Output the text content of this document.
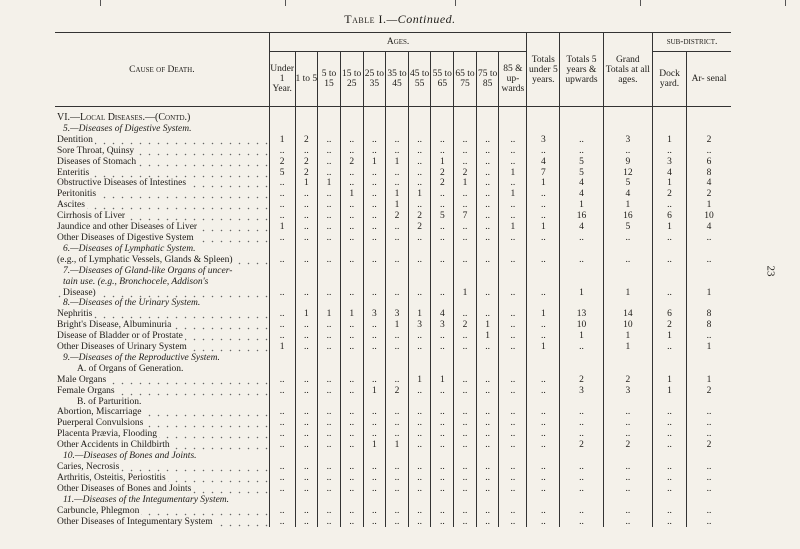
Table I.—Continued.
23
Cause of Death.	Ages.											Totals under 5 years.	Totals 5 years & upwards	Grand Totals at all ages.	sub-district.	
	Under 1 Year.	1 to 5	5 to 15	15 to 25	25 to 35	35 to 45	45 to 55	55 to 65	65 to 75	75 to 85	85 & up- wards				Dock yard.	Ar- senal

VI.—Local Diseases.—(Contd.)																
5.—Diseases of Digestive System.																
Dentition	1	2	..	..	..	..	..	..	..	..	..	3	..	3	1	2
Sore Throat, Quinsy	..	..	..	..	..	..	..	..	..	..	..	..	..	..	..	..
Diseases of Stomach	2	2	..	2	1	1	..	1	..	..	..	4	5	9	3	6
Enteritis	5	2	..	..	..	..	..	2	2	..	1	7	5	12	4	8
Obstructive Diseases of Intestines	..	1	1	..	..	..	..	2	1	..	..	1	4	5	1	4
Peritonitis	..	..	..	1	..	1	1	..	..	..	1	..	4	4	2	2
Ascites	..	..	..	..	..	1	..	..	..	..	..	..	1	1	..	1
Cirrhosis of Liver	..	..	..	..	..	2	2	5	7	..	..	..	16	16	6	10
Jaundice and other Diseases of Liver	1	..	..	..	..	..	2	..	..	..	1	1	4	5	1	4
Other Diseases of Digestive System	..	..	..	..	..	..	..	..	..	..	..	..	..	..	..	..
6.—Diseases of Lymphatic System.																
(e.g., of Lymphatic Vessels, Glands & Spleen)	..	..	..	..	..	..	..	..	..	..	..	..	..	..	..	..
7.—Diseases of Gland-like Organs of uncer-																
tain use. (e.g., Bronchocele, Addison's																
Disease)	..	..	..	..	..	..	..	..	1	..	..	..	1	1	..	1
8.—Diseases of the Urinary System.																
Nephritis	..	1	1	1	3	3	1	4	..	..	..	1	13	14	6	8
Bright's Disease, Albuminuria	..	..	..	..	..	1	3	3	2	1	..	..	10	10	2	8
Disease of Bladder or of Prostate	..	..	..	..	..	..	..	..	..	1	..	..	1	1	1	..
Other Diseases of Urinary System	1	..	..	..	..	..	..	..	..	..	..	1	..	1	..	1
9.—Diseases of the Reproductive System.																
A. of Organs of Generation.																
Male Organs	..	..	..	..	..	..	1	1	..	..	..	..	2	2	1	1
Female Organs	..	..	..	..	1	2	..	..	..	..	..	..	3	3	1	2
B. of Parturition.																
Abortion, Miscarriage	..	..	..	..	..	..	..	..	..	..	..	..	..	..	..	..
Puerperal Convulsions	..	..	..	..	..	..	..	..	..	..	..	..	..	..	..	..
Placenta Prævia, Flooding	..	..	..	..	..	..	..	..	..	..	..	..	..	..	..	..
Other Accidents in Childbirth	..	..	..	..	1	1	..	..	..	..	..	..	2	2	..	2
10.—Diseases of Bones and Joints.																
Caries, Necrosis	..	..	..	..	..	..	..	..	..	..	..	..	..	..	..	..
Arthritis, Osteitis, Periostitis	..	..	..	..	..	..	..	..	..	..	..	..	..	..	..	..
Other Diseases of Bones and Joints	..	..	..	..	..	..	..	..	..	..	..	..	..	..	..	..
11.—Diseases of the Integumentary System.																
Carbuncle, Phlegmon	..	..	..	..	..	..	..	..	..	..	..	..	..	..	..	..
Other Diseases of Integumentary System	..	..	..	..	..	..	..	..	..	..	..	..	..	..	..	..
